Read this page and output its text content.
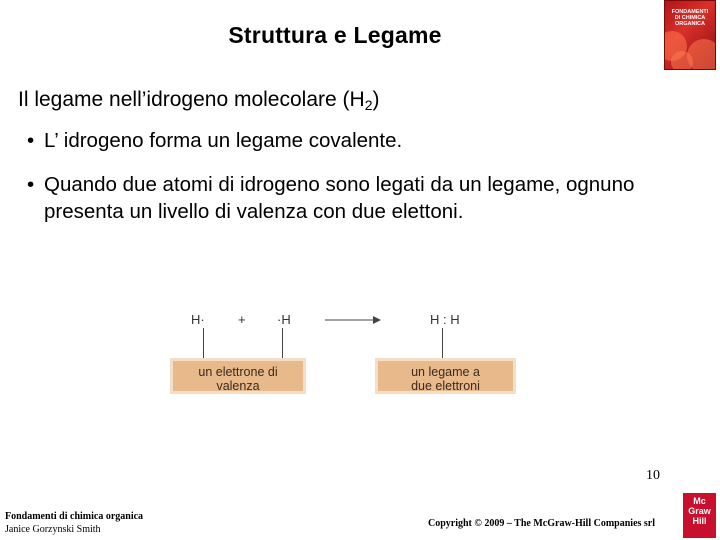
Struttura e Legame
FONDAMENTI
DI CHIMICA
ORGANICA
Il legame nell’idrogeno molecolare $(H_2)$
• L’ idrogeno forma un legame covalente.
• Quando due atomi di idrogeno sono legati da un legame, ognuno presenta un livello di valenza con due elettoni.
H·	+ ·H	H : H
un elettrone di valenza
un legame a due elettroni
Fondamenti di chimica organica
Janice Gorzynski Smith
10
Copyright © 2009 – The McGraw-Hill Companies srl
Mc
Graw
Hill
